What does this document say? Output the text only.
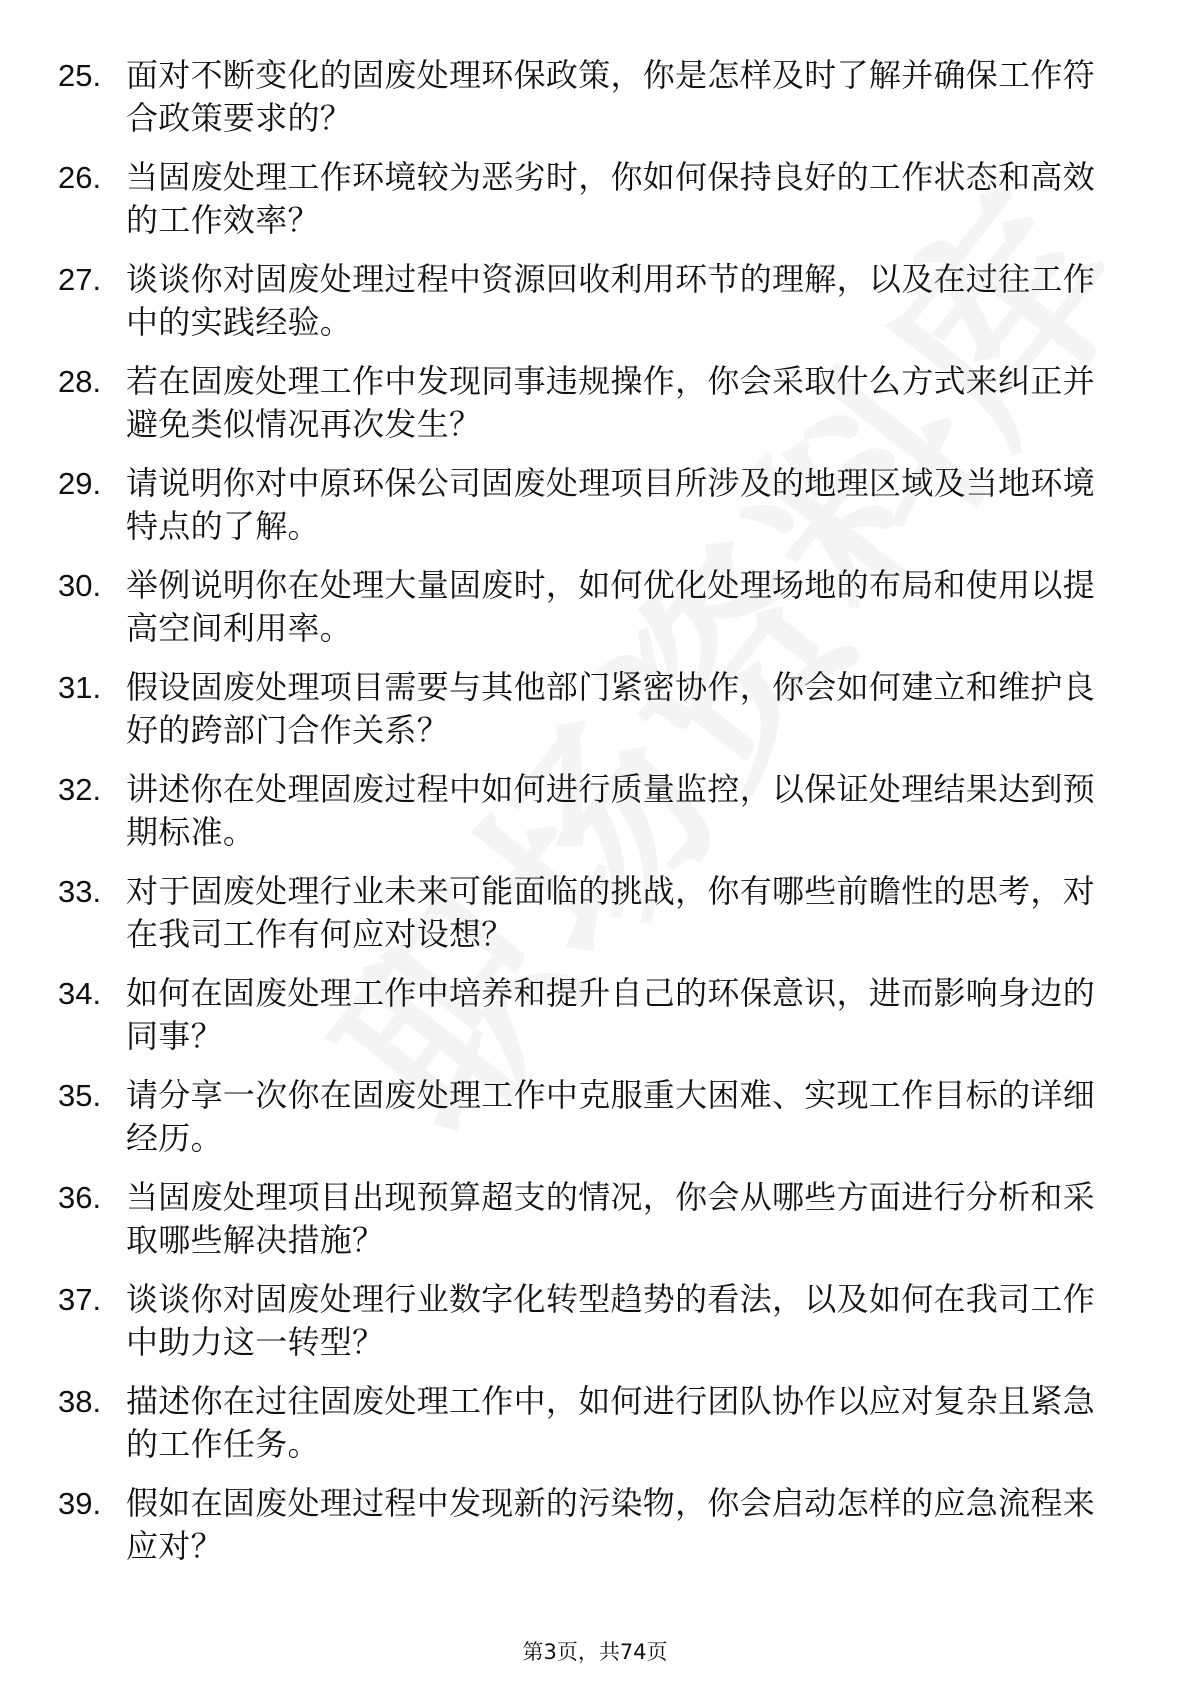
25. 面对不断变化的固废处理环保政策，你是怎样及时了解并确保工作符合政策要求的？
26. 当固废处理工作环境较为恶劣时，你如何保持良好的工作状态和高效的工作效率？
27. 谈谈你对固废处理过程中资源回收利用环节的理解，以及在过往工作中的实践经验。
28. 若在固废处理工作中发现同事违规操作，你会采取什么方式来纠正并避免类似情况再次发生？
29. 请说明你对中原环保公司固废处理项目所涉及的地理区域及当地环境特点的了解。
30. 举例说明你在处理大量固废时，如何优化处理场地的布局和使用以提高空间利用率。
31. 假设固废处理项目需要与其他部门紧密协作，你会如何建立和维护良好的跨部门合作关系？
32. 讲述你在处理固废过程中如何进行质量监控，以保证处理结果达到预期标准。
33. 对于固废处理行业未来可能面临的挑战，你有哪些前瞻性的思考，对在我司工作有何应对设想？
34. 如何在固废处理工作中培养和提升自己的环保意识，进而影响身边的同事？
35. 请分享一次你在固废处理工作中克服重大困难、实现工作目标的详细经历。
36. 当固废处理项目出现预算超支的情况，你会从哪些方面进行分析和采取哪些解决措施？
37. 谈谈你对固废处理行业数字化转型趋势的看法，以及如何在我司工作中助力这一转型？
38. 描述你在过往固废处理工作中，如何进行团队协作以应对复杂且紧急的工作任务。
39. 假如在固废处理过程中发现新的污染物，你会启动怎样的应急流程来应对？
第3页，共74页
